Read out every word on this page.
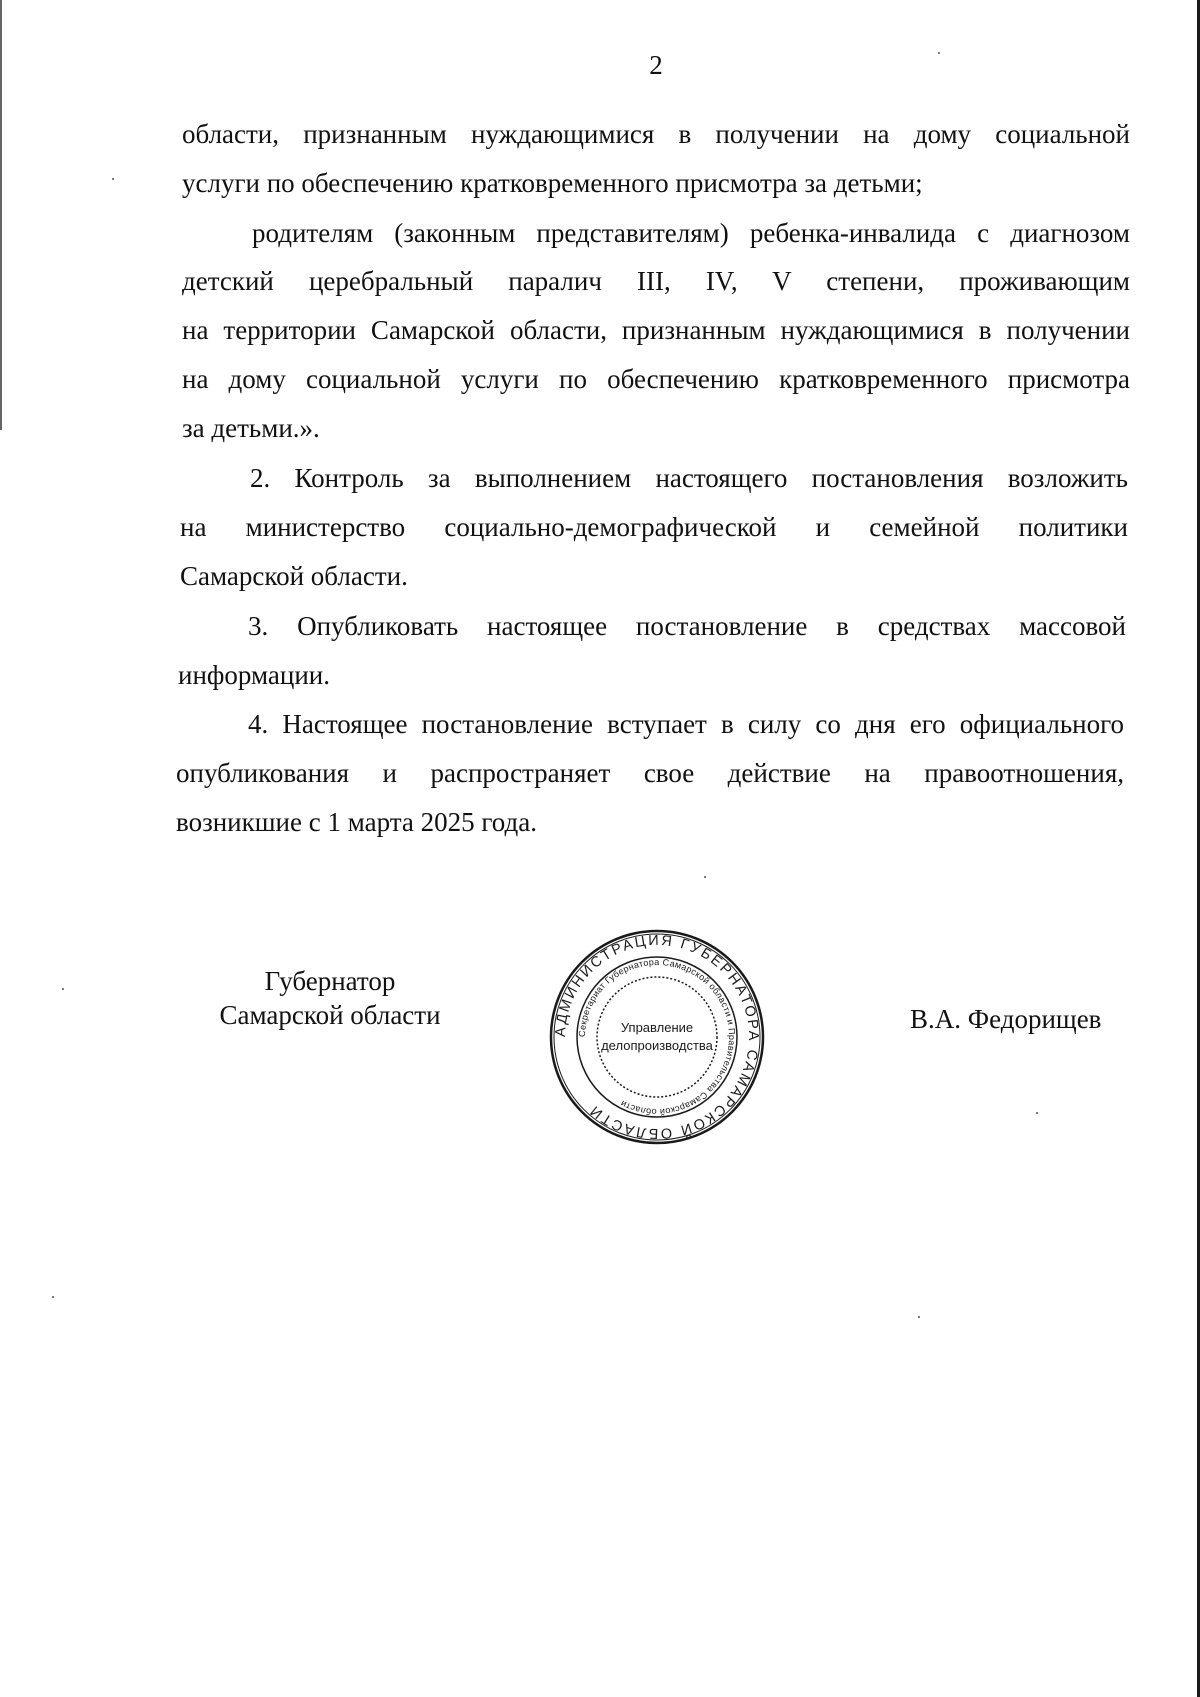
2
области, признанным нуждающимися в получении на дому социальной
услуги по обеспечению кратковременного присмотра за детьми;
родителям (законным представителям) ребенка-инвалида с диагнозом
детский церебральный паралич III, IV, V степени, проживающим
на территории Самарской области, признанным нуждающимися в получении
на дому социальной услуги по обеспечению кратковременного присмотра
за детьми.».
2. Контроль за выполнением настоящего постановления возложить
на министерство социально-демографической и семейной политики
Самарской области.
3. Опубликовать настоящее постановление в средствах массовой
информации.
4. Настоящее постановление вступает в силу со дня его официального
опубликования и распространяет свое действие на правоотношения,
возникшие с 1 марта 2025 года.
Губернатор
Самарской области	В.А. Федорищев
АДМИНИСТРАЦИЯ ГУБЕРНАТОРА САМАРСКОЙ ОБЛАСТИ
Секретариат Губернатора Самарской области и Правительства Самарской области
Управление
делопроизводства
